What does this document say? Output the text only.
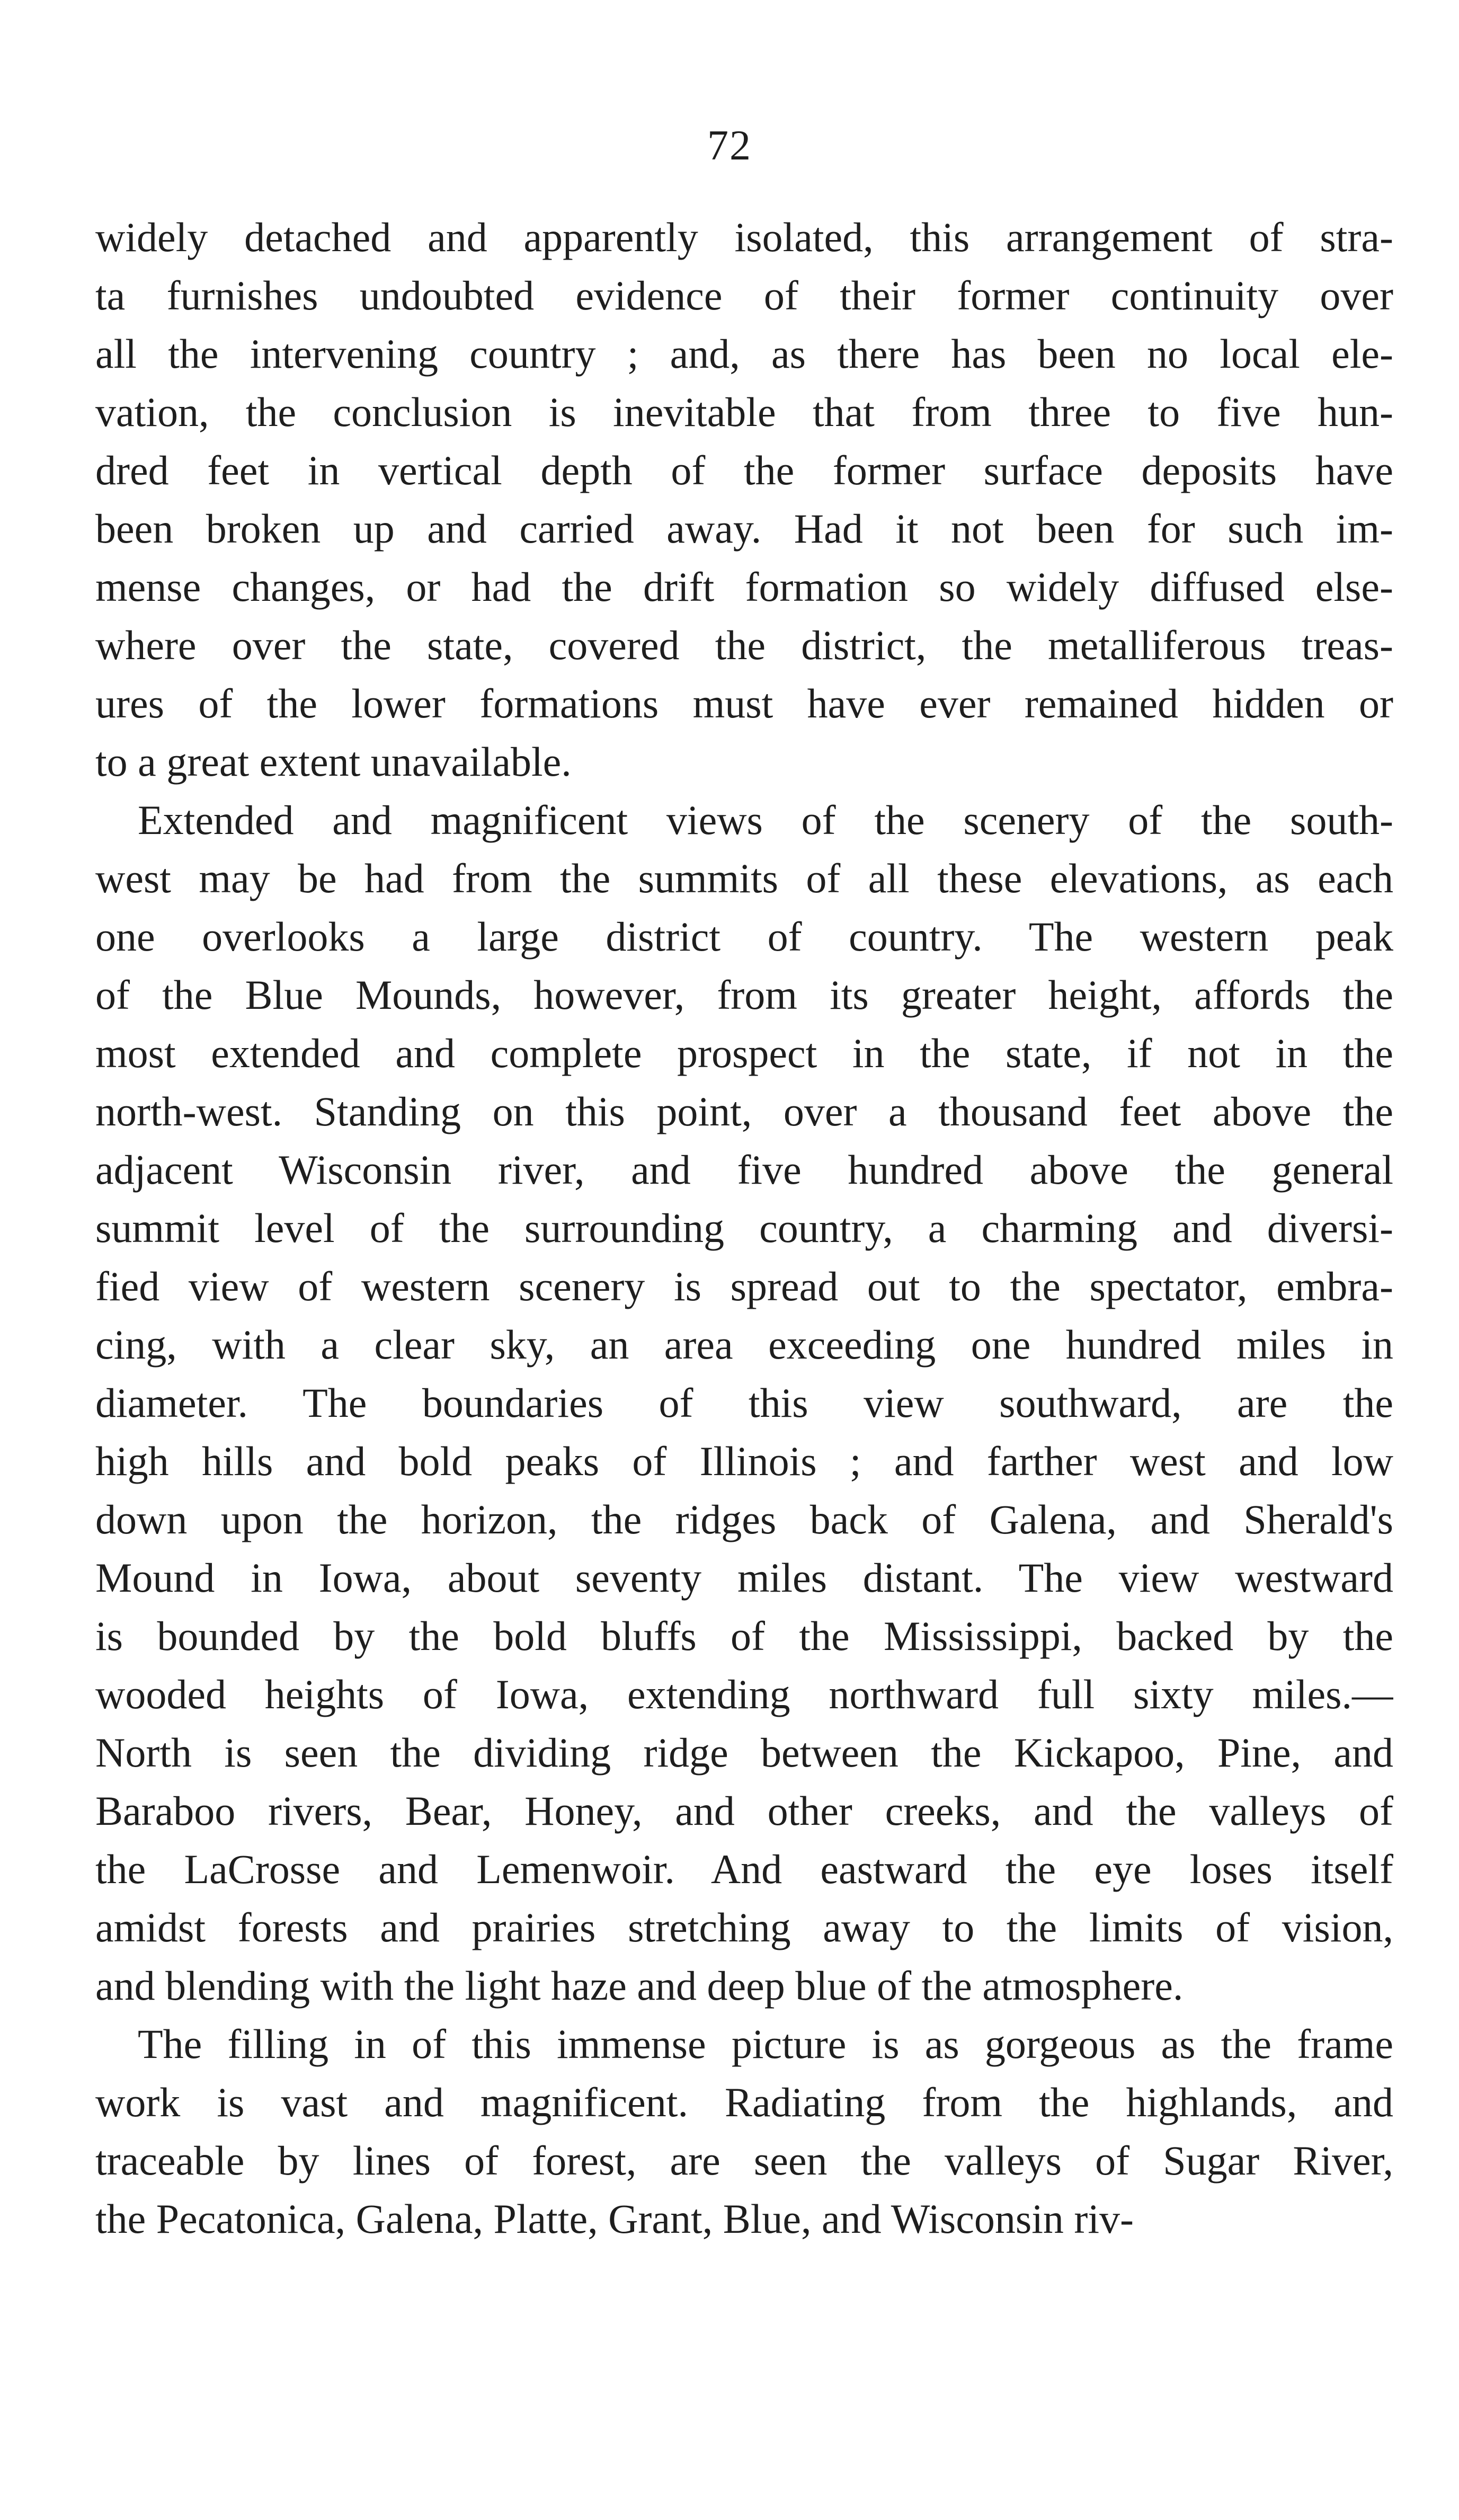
72
widely detached and apparently isolated, this arrangement of stra-
ta furnishes undoubted evidence of their former continuity over
all the intervening country ; and, as there has been no local ele-
vation, the conclusion is inevitable that from three to five hun-
dred feet in vertical depth of the former surface deposits have
been broken up and carried away. Had it not been for such im-
mense changes, or had the drift formation so widely diffused else-
where over the state, covered the district, the metalliferous treas-
ures of the lower formations must have ever remained hidden or
to a great extent unavailable.
Extended and magnificent views of the scenery of the south-
west may be had from the summits of all these elevations, as each
one overlooks a large district of country. The western peak
of the Blue Mounds, however, from its greater height, affords the
most extended and complete prospect in the state, if not in the
north-west. Standing on this point, over a thousand feet above the
adjacent Wisconsin river, and five hundred above the general
summit level of the surrounding country, a charming and diversi-
fied view of western scenery is spread out to the spectator, embra-
cing, with a clear sky, an area exceeding one hundred miles in
diameter. The boundaries of this view southward, are the
high hills and bold peaks of Illinois ; and farther west and low
down upon the horizon, the ridges back of Galena, and Sherald's
Mound in Iowa, about seventy miles distant. The view westward
is bounded by the bold bluffs of the Mississippi, backed by the
wooded heights of Iowa, extending northward full sixty miles.—
North is seen the dividing ridge between the Kickapoo, Pine, and
Baraboo rivers, Bear, Honey, and other creeks, and the valleys of
the LaCrosse and Lemenwoir. And eastward the eye loses itself
amidst forests and prairies stretching away to the limits of vision,
and blending with the light haze and deep blue of the atmosphere.
The filling in of this immense picture is as gorgeous as the frame
work is vast and magnificent. Radiating from the highlands, and
traceable by lines of forest, are seen the valleys of Sugar River,
the Pecatonica, Galena, Platte, Grant, Blue, and Wisconsin riv-
